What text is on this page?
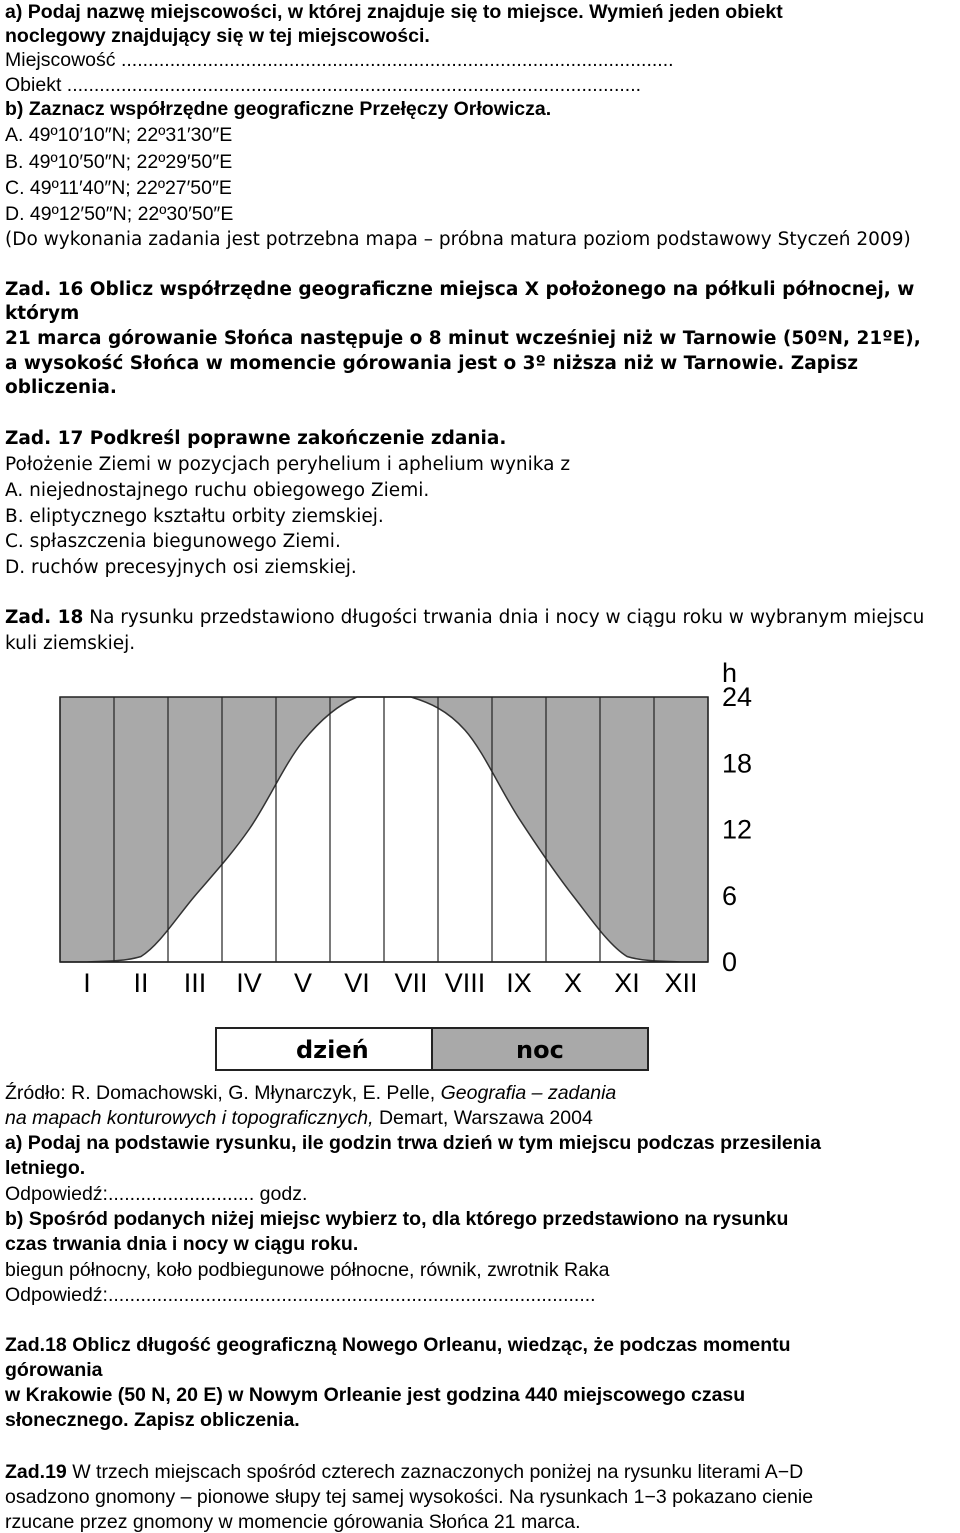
a) Podaj nazwę miejscowości, w której znajduje się to miejsce. Wymień jeden obiekt
noclegowy znajdujący się w tej miejscowości.
Miejscowość ......................................................................................................
Obiekt ..........................................................................................................
b) Zaznacz współrzędne geograficzne Przełęczy Orłowicza.
A. 49º10′10″N; 22º31′30″E
B. 49º10′50″N; 22º29′50″E
C. 49º11′40″N; 22º27′50″E
D. 49º12′50″N; 22º30′50″E
(Do wykonania zadania jest potrzebna mapa – próbna matura poziom podstawowy Styczeń 2009)
Zad. 16 Oblicz współrzędne geograficzne miejsca X położonego na półkuli północnej, w
którym
21 marca górowanie Słońca następuje o 8 minut wcześniej niż w Tarnowie (50ºN, 21ºE),
a wysokość Słońca w momencie górowania jest o 3º niższa niż w Tarnowie. Zapisz
obliczenia.
Zad. 17 Podkreśl poprawne zakończenie zdania.
Położenie Ziemi w pozycjach peryhelium i aphelium wynika z
A. niejednostajnego ruchu obiegowego Ziemi.
B. eliptycznego kształtu orbity ziemskiej.
C. spłaszczenia biegunowego Ziemi.
D. ruchów precesyjnych osi ziemskiej.
Zad. 18 Na rysunku przedstawiono długości trwania dnia i nocy w ciągu roku w wybranym miejscu
kuli ziemskiej.
h
0
6
12
18
24
I II III IV V VI VII VIII IX X XI XII
dzień	noc
Źródło: R. Domachowski, G. Młynarczyk, E. Pelle, Geografia – zadania
na mapach konturowych i topograficznych, Demart, Warszawa 2004
a) Podaj na podstawie rysunku, ile godzin trwa dzień w tym miejscu podczas przesilenia
letniego.
Odpowiedź:........................... godz.
b) Spośród podanych niżej miejsc wybierz to, dla którego przedstawiono na rysunku
czas trwania dnia i nocy w ciągu roku.
biegun północny, koło podbiegunowe północne, równik, zwrotnik Raka
Odpowiedź:..........................................................................................
Zad.18 Oblicz długość geograficzną Nowego Orleanu, wiedząc, że podczas momentu
górowania
w Krakowie (50 N, 20 E) w Nowym Orleanie jest godzina 440 miejscowego czasu
słonecznego. Zapisz obliczenia.
Zad.19 W trzech miejscach spośród czterech zaznaczonych poniżej na rysunku literami A−D
osadzono gnomony – pionowe słupy tej samej wysokości. Na rysunkach 1−3 pokazano cienie
rzucane przez gnomony w momencie górowania Słońca 21 marca.
